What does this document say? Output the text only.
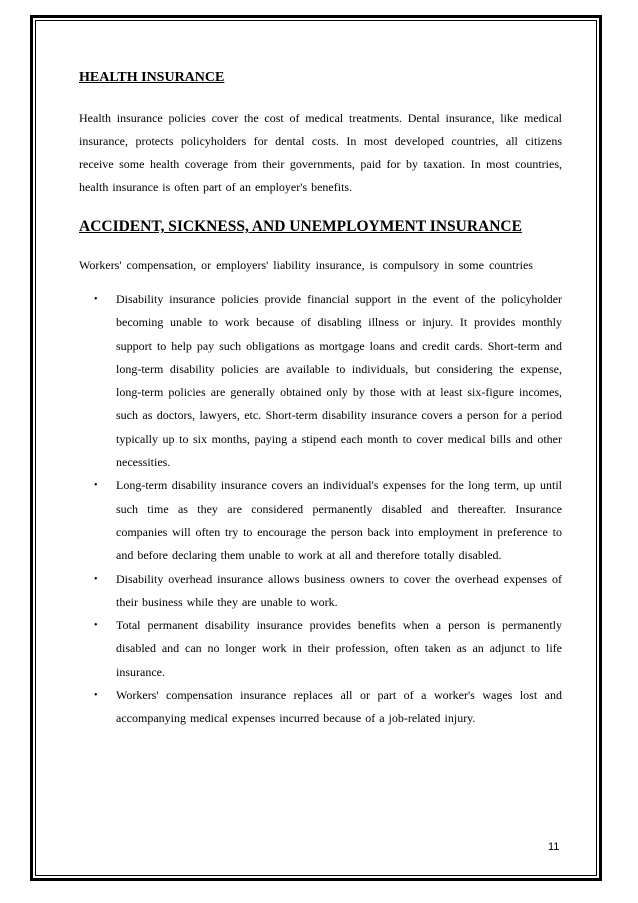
HEALTH INSURANCE

Health insurance policies cover the cost of medical treatments. Dental insurance, like medical insurance, protects policyholders for dental costs. In most developed countries, all citizens receive some health coverage from their governments, paid for by taxation. In most countries, health insurance is often part of an employer's benefits.

ACCIDENT, SICKNESS, AND UNEMPLOYMENT INSURANCE

Workers' compensation, or employers' liability insurance, is compulsory in some countries

• Disability insurance policies provide financial support in the event of the policyholder becoming unable to work because of disabling illness or injury. It provides monthly support to help pay such obligations as mortgage loans and credit cards. Short-term and long-term disability policies are available to individuals, but considering the expense, long-term policies are generally obtained only by those with at least six-figure incomes, such as doctors, lawyers, etc. Short-term disability insurance covers a person for a period typically up to six months, paying a stipend each month to cover medical bills and other necessities.
• Long-term disability insurance covers an individual's expenses for the long term, up until such time as they are considered permanently disabled and thereafter. Insurance companies will often try to encourage the person back into employment in preference to and before declaring them unable to work at all and therefore totally disabled.
• Disability overhead insurance allows business owners to cover the overhead expenses of their business while they are unable to work.
• Total permanent disability insurance provides benefits when a person is permanently disabled and can no longer work in their profession, often taken as an adjunct to life insurance.
• Workers' compensation insurance replaces all or part of a worker's wages lost and accompanying medical expenses incurred because of a job-related injury.
11
